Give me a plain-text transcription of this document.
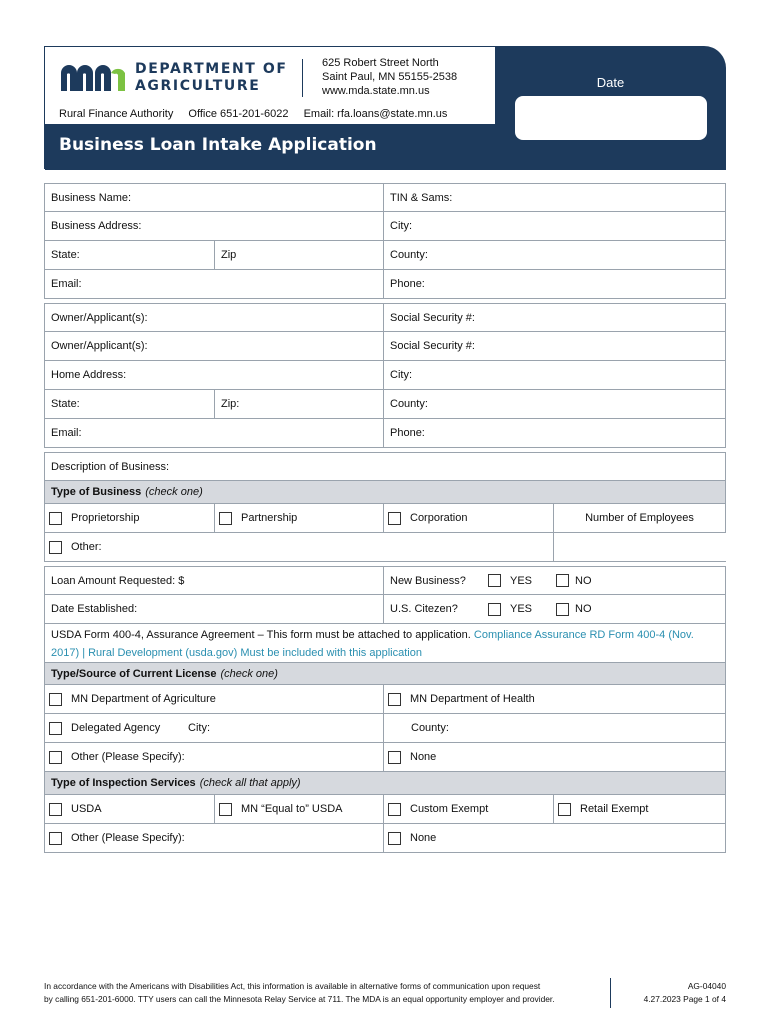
DEPARTMENT OF
AGRICULTURE
625 Robert Street North
Saint Paul, MN 55155-2538
www.mda.state.mn.us
Rural Finance Authority Office 651-201-6022 Email: rfa.loans@state.mn.us
Business Loan Intake Application
Date
Business Name:	TIN & Sams:
Business Address:	City:
State:	Zip	County:
Email:	Phone:
Owner/Applicant(s):	Social Security #:
Owner/Applicant(s):	Social Security #:
Home Address:	City:
State:	Zip:	County:
Email:	Phone:
Description of Business:
Type of Business (check one)
Proprietorship	Partnership	Corporation	Number of Employees
Other:
Loan Amount Requested: $	New Business?	YES	NO
Date Established:	U.S. Citezen?	YES	NO
USDA Form 400-4, Assurance Agreement – This form must be attached to application. Compliance Assurance RD Form 400-4 (Nov.
2017) | Rural Development (usda.gov) Must be included with this application
Type/Source of Current License (check one)
MN Department of Agriculture	MN Department of Health
Delegated Agency	City:	County:
Other (Please Specify):	None
Type of Inspection Services (check all that apply)
USDA	MN “Equal to” USDA	Custom Exempt	Retail Exempt
Other (Please Specify):	None
In accordance with the Americans with Disabilities Act, this information is available in alternative forms of communication upon request
by calling 651-201-6000. TTY users can call the Minnesota Relay Service at 711. The MDA is an equal opportunity employer and provider.
AG-04040
4.27.2023 Page 1 of 4
